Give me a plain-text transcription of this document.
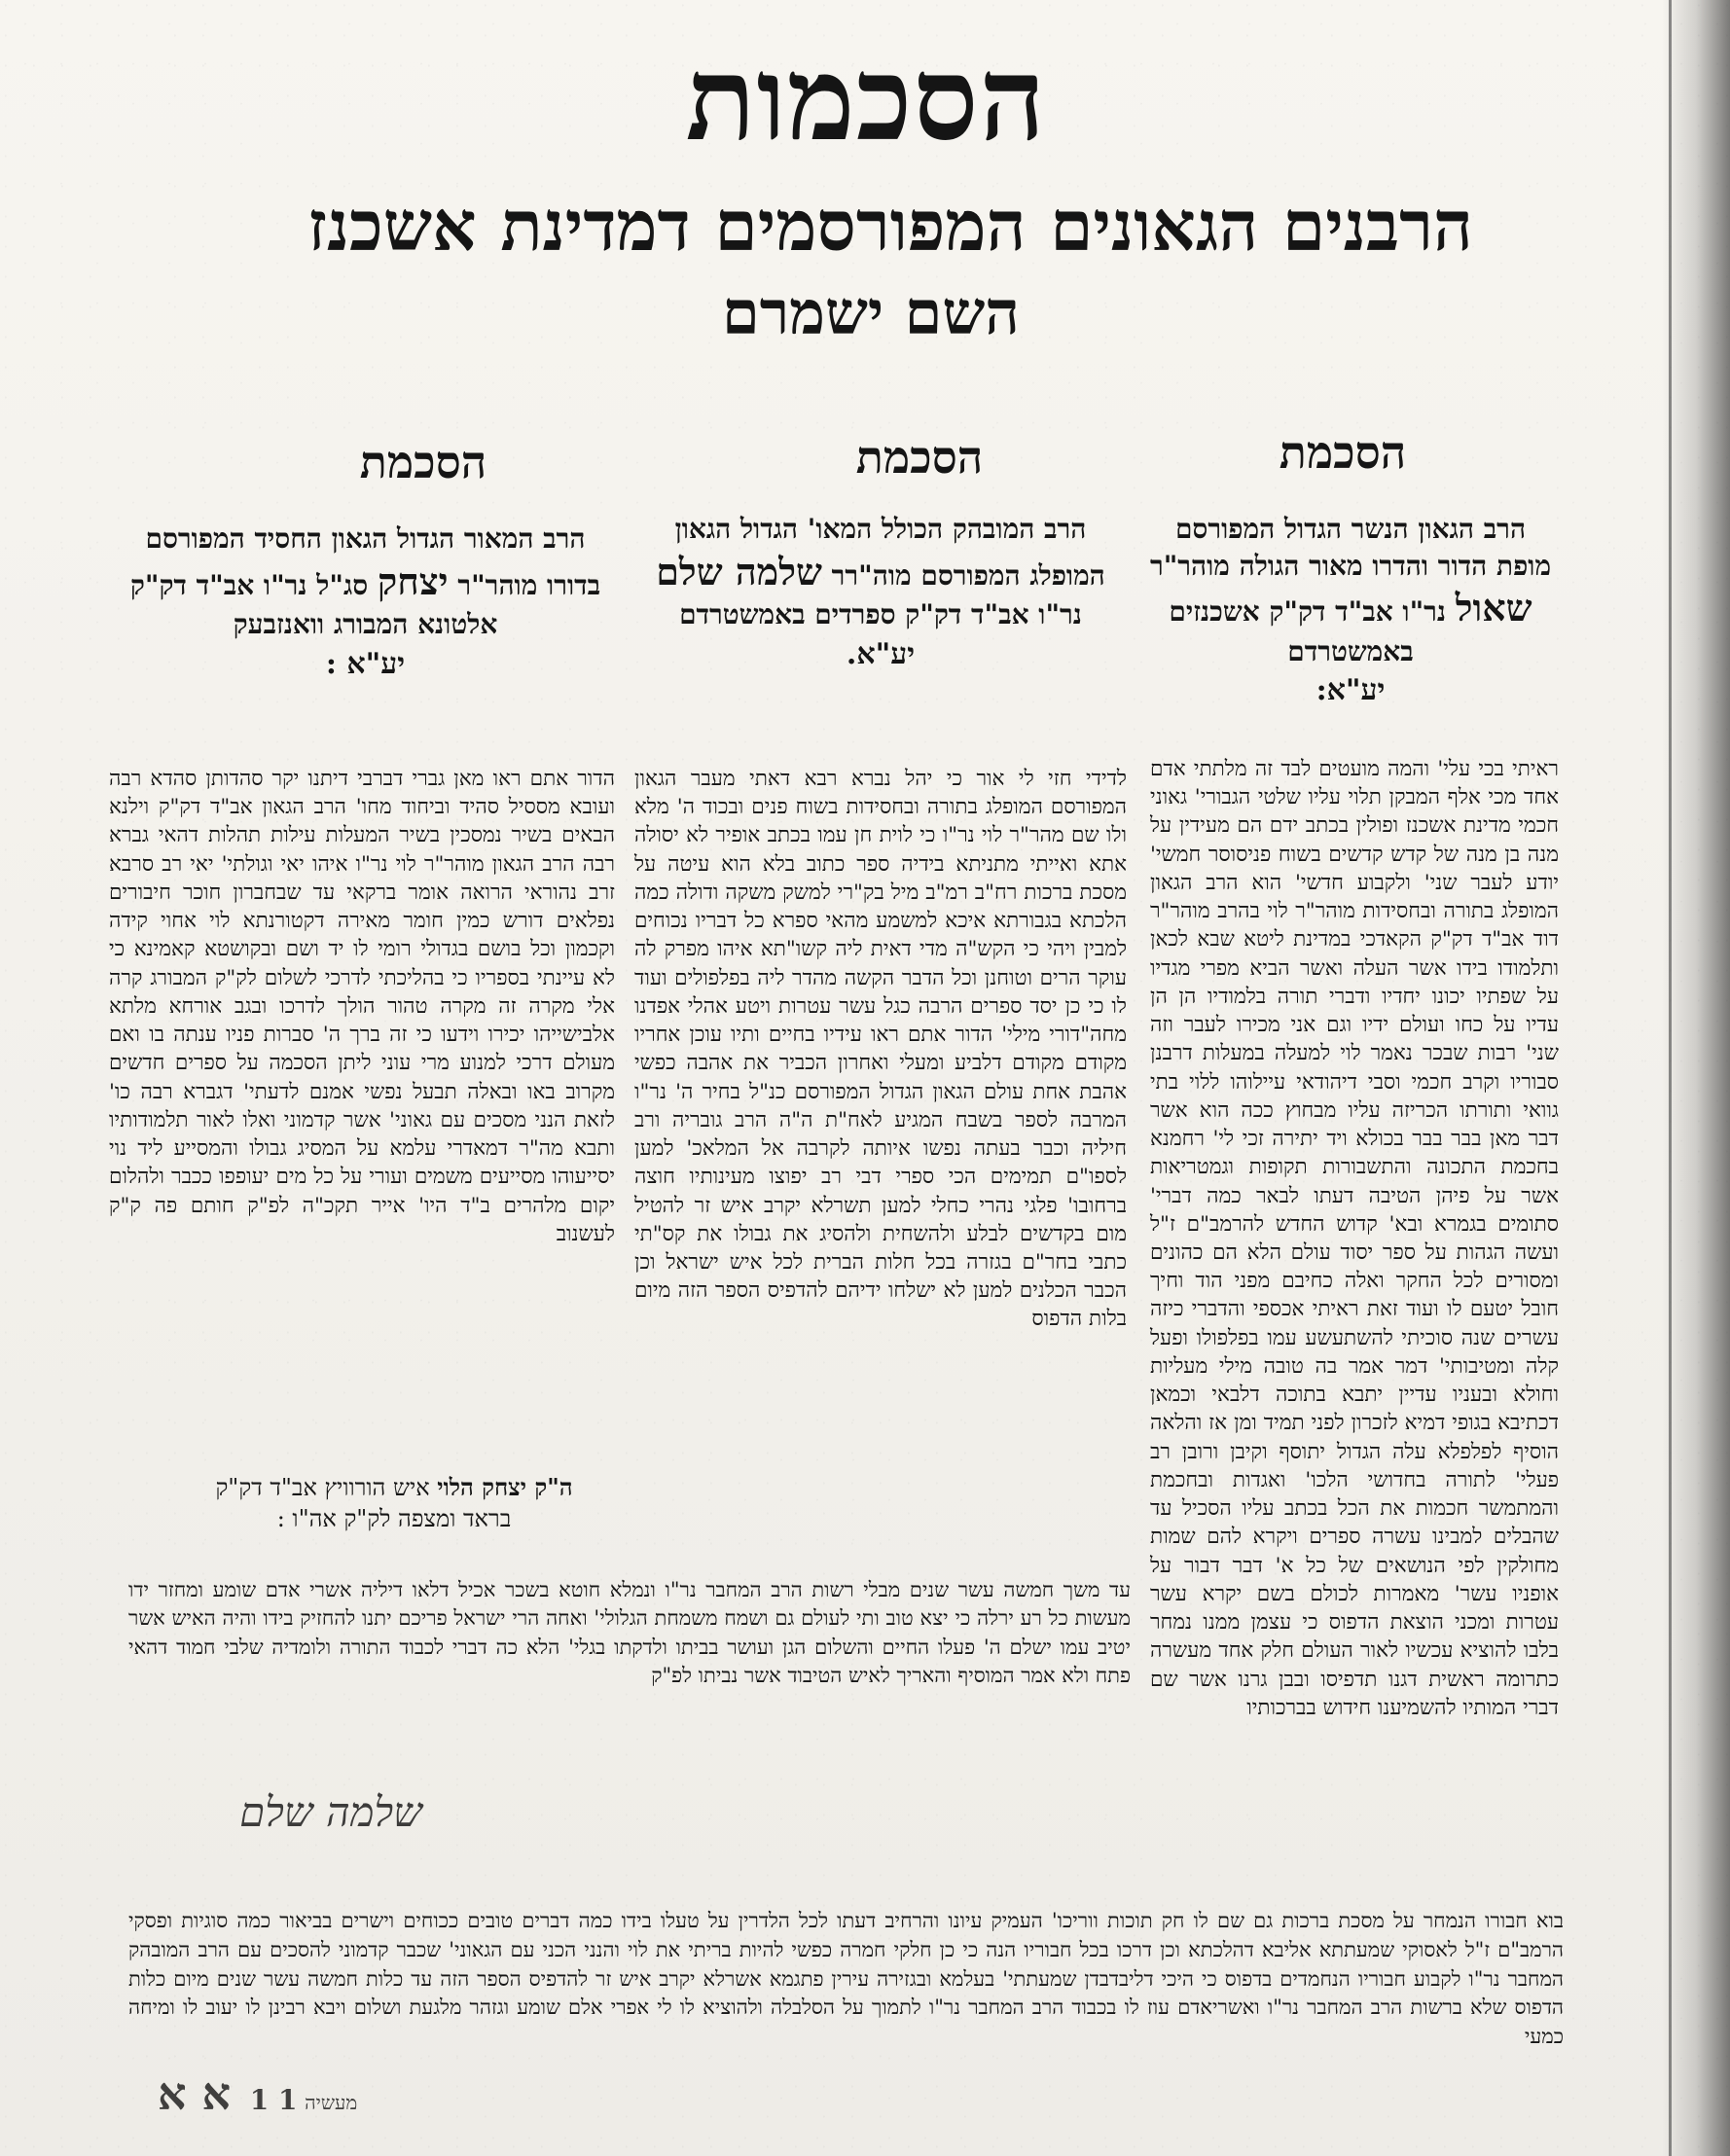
הסכמות
הרבנים הגאונים המפורסמים דמדינת אשכנז
השם ישמרם
הסכמת
הסכמת
הסכמת
הרב הגאון הנשר הגדול המפורסם מופת הדור והדרו מאור הגולה מוהר"ר שאול נר"ו אב"ד דק"ק אשכנזים באמשטרדם
יע"א:
הרב המובהק הכולל המאו' הגדול הגאון המופלג המפורסם מוה"רר שלמה שלם נר"ו אב"ד דק"ק ספרדים באמשטרדם
יע"א.
הרב המאור הגדול הגאון החסיד המפורסם בדורו מוהר"ר יצחק סג"ל נר"ו אב"ד דק"ק אלטונא המבורג וואנזבעק
יע"א :
ראיתי בכי עלי' והמה מועטים לבד זה מלתתי אדם אחד מכי אלף המבקן תלוי עליו שלטי הגבורי' גאוני חכמי מדינת אשכנז ופולין בכתב ידם הם מעידין על מנה בן מנה של קדש קדשים בשוח פניסוסר חמשי' יודע לעבר שני' ולקבוע חדשי' הוא הרב הגאון המופלג בתורה ובחסידות מוהר"ר לוי בהרב מוהר"ר דוד אב"ד דק"ק הקאדכי במדינת ליטא שבא לכאן ותלמודו בידו אשר העלה ואשר הביא מפרי מגדיו על שפתיו יכונו יחדיו ודברי תורה בלמודיו הן הן עדיו על כחו ועולם ידיו וגם אני מכירו לעבר וזה שני' רבות שבכר נאמר לוי למעלה במעלות דרבנן סבוריו וקרב חכמי וסבי דיהודאי עיילוהו ללוי בתי גוואי ותורתו הכריזה עליו מבחוץ ככה הוא אשר דבר מאן בבר בבר בכולא ויד יתירה זכי לי' רחמנא בחכמת התכונה והתשבורות תקופות וגמטריאות אשר על פיהן הטיבה דעתו לבאר כמה דברי' סתומים בגמרא ובא' קדוש החדש להרמב"ם ז"ל ועשה הגהות על ספר יסוד עולם הלא הם כהונים ומסורים לכל החקר ואלה כחיבם מפני הוד וחיך חובל יטעם לו ועוד זאת ראיתי אכספי והדברי כיזה עשרים שנה סוכיתי להשתעשע עמו בפלפולו ופעל קלה ומטיבותי' דמר אמר בה טובה מילי מעליות וחולא ובעניו עדיין יתבא בתוכה דלבאי וכמאן דכתיבא בגופי דמיא לזכרון לפני תמיד ומן אז והלאה הוסיף לפלפלא עלה הגדול יתוסף וקיבן ורובן רב פעלי' לתורה בחדושי הלכו' ואגדות ובחכמת והמתמשר חכמות את הכל בכתב עליו הסכיל עד שהבלים למבינו עשרה ספרים ויקרא להם שמות מחולקין לפי הנושאים של כל א' דבר דבור על אופניו עשר' מאמרות לכולם בשם יקרא עשר עטרות ומכני הוצאת הדפוס כי עצמן ממנו נמחר בלבו להוציא עכשיו לאור העולם חלק אחד מעשרה כתרומה ראשית דגנו תדפיסו ובבן גרנו אשר שם דברי המותיו להשמיענו חידוש בברכותיו
לדידי חזי לי אור כי יהל נברא רבא דאתי מעבר הגאון המפורסם המופלג בתורה ובחסידות בשוח פנים ובכוד ה' מלא ולו שם מהר"ר לוי נר"ו כי לוית חן עמו בכתב אופיר לא יסולה אתא ואייתי מתניתא בידיה ספר כתוב בלא הוא עיטה על מסכת ברכות רח"ב רמ"ב מיל בק"רי למשק משקה ודולה כמה הלכתא בגבורתא איכא למשמע מהאי ספרא כל דבריו נכוחים למבין ויהי כי הקש"ה מדי דאית ליה קשו"תא איהו מפרק לה עוקר הרים וטוחנן וכל הדבר הקשה מהדר ליה בפלפולים ועוד לו כי כן יסד ספרים הרבה כגל עשר עטרות ויטע אהלי אפדנו מחה"דורי מילי' הדור אתם ראו עידיו בחיים ותיו עוכן אחריו מקודם מקודם דלביע ומעלי ואחרון הכביר את אהבה כפשי אהבת אחת עולם הגאון הגדול המפורסם כנ"ל בחיר ה' נר"ו המרבה לספר בשבח המגיע לאח"ת ה"ה הרב גובריה ורב חיליה וכבר בעתה נפשו איותה לקרבה אל המלאכ' למען לספו"ם תמימים הכי ספרי דבי רב יפוצו מעינותיו חוצה ברחובו' פלגי נהרי כחלי למען תשרלא יקרב איש זר להטיל מום בקדשים לבלע ולהשחית ולהסיג את גבולו את קס"תי כתבי בחר"ם בגזרה בכל חלות הברית לכל איש ישראל וכן הכבר הכלנים למען לא ישלחו ידיהם להדפיס הספר הזה מיום בלות הדפוס
הדור אתם ראו מאן גברי דברבי דיתנו יקר סהדותן סהדא רבה ועובא מססיל סהיד וביחוד מחו' הרב הגאון אב"ד דק"ק וילנא הבאים בשיר נמסכין בשיר המעלות עילות תהלות דהאי גברא רבה הרב הגאון מוהר"ר לוי נר"ו איהו יאי וגולתי' יאי רב סרבא זרב נהוראי הרואה אומר ברקאי עד שבחברון חוכר חיבורים נפלאים דורש כמין חומר מאירה דקטורנתא לוי אחוי קידה וקכמון וכל בושם בגדולי רומי לו יד ושם ובקושטא קאמינא כי לא עיינתי בספריו כי בהליכתי לדרכי לשלום לק"ק המבורג קרה אלי מקרה זה מקרה טהור הולך לדרכו ובגב אורחא מלתא אלבישייהו יכירו וידעו כי זה ברך ה' סברות פניו ענתה בו ואם מעולם דרכי למנוע מרי עוני ליתן הסכמה על ספרים חדשים מקרוב באו ובאלה תבעל נפשי אמנם לדעתי' דגברא רבה כו' לזאת הנני מסכים עם גאוני' אשר קדמוני ואלו לאור תלמודותיו ותבא מה"ר דמאדרי עלמא על המסיג גבולו והמסייע ליד נוי יסייעוהו מסייעים משמים ועורי על כל מים יעופפו ככבר ולהלום יקום מלהרים ב"ד היו' אייר תקכ"ה לפ"ק חותם פה ק"ק לעשנוב
ה"ק יצחק הלוי איש הורוויץ אב"ד דק"ק
בראד ומצפה לק"ק אה"ו :
עד משך חמשה עשר שנים מבלי רשות הרב המחבר נר"ו ונמלא חוטא בשכר אכיל דלאו דיליה אשרי אדם שומע ומחזר ידו מעשות כל רע ירלה כי יצא טוב ותי לעולם גם ושמח משמחת הגלולי' ואחה הרי ישראל פריכם יתנו להחזיק בידו והיה האיש אשר יטיב עמו ישלם ה' פעלו החיים והשלום הגן ועושר בביתו ולדקתו בגלי' הלא כה דברי לכבוד התורה ולומדיה שלבי חמוד דהאי פתח ולא אמר המוסיף והאריך לאיש הטיבוד אשר נביתו לפ"ק
שלמה שלם
בוא חבורו הנמחר על מסכת ברכות גם שם לו חק תוכות ווריכו' העמיק עיונו והרחיב דעתו לכל הלדרין על טעלו בידו כמה דברים טובים ככוחים וישרים בביאור כמה סוגיות ופסקי הרמב"ם ז"ל לאסוקי שמעתתא אליבא דהלכתא וכן דרכו בכל חבוריו הנה כי כן חלקי חמרה כפשי להיות בריתי את לוי והנני הכני עם הגאוני' שכבר קדמוני להסכים עם הרב המובהק המחבר נר"ו לקבוע חבוריו הנחמדים בדפוס כי היכי דליבדבדן שמעתתי' בעלמא ובגזירה עירין פתגמא אשרלא יקרב איש זר להדפיס הספר הזה עד כלות חמשה עשר שנים מיום כלות הדפוס שלא ברשות הרב המחבר נר"ו ואשריאדם עוז לו בכבוד הרב המחבר נר"ו לתמוך על הסלבלה ולהוציא לו לי אפרי אלם שומע וגזהר מלגעת ושלום ויבא רבינן לו יעוב לו ומיחה כמעי
מעשיה 1 1 א א
